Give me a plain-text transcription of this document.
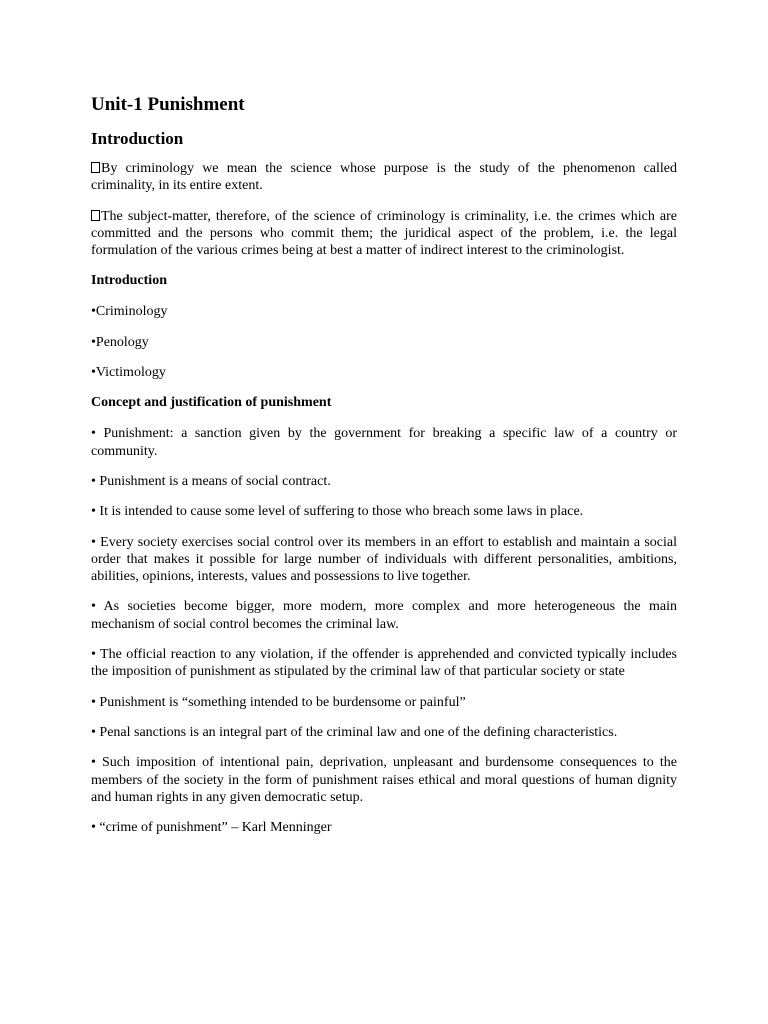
Unit-1 Punishment
Introduction
By criminology we mean the science whose purpose is the study of the phenomenon called criminality, in its entire extent.
The subject-matter, therefore, of the science of criminology is criminality, i.e. the crimes which are committed and the persons who commit them; the juridical aspect of the problem, i.e. the legal formulation of the various crimes being at best a matter of indirect interest to the criminologist.
Introduction
•Criminology
•Penology
•Victimology
Concept and justification of punishment
• Punishment: a sanction given by the government for breaking a specific law of a country or community.
• Punishment is a means of social contract.
• It is intended to cause some level of suffering to those who breach some laws in place.
• Every society exercises social control over its members in an effort to establish and maintain a social order that makes it possible for large number of individuals with different personalities, ambitions, abilities, opinions, interests, values and possessions to live together.
• As societies become bigger, more modern, more complex and more heterogeneous the main mechanism of social control becomes the criminal law.
• The official reaction to any violation, if the offender is apprehended and convicted typically includes the imposition of punishment as stipulated by the criminal law of that particular society or state
• Punishment is “something intended to be burdensome or painful”
• Penal sanctions is an integral part of the criminal law and one of the defining characteristics.
• Such imposition of intentional pain, deprivation, unpleasant and burdensome consequences to the members of the society in the form of punishment raises ethical and moral questions of human dignity and human rights in any given democratic setup.
• “crime of punishment” – Karl Menninger
